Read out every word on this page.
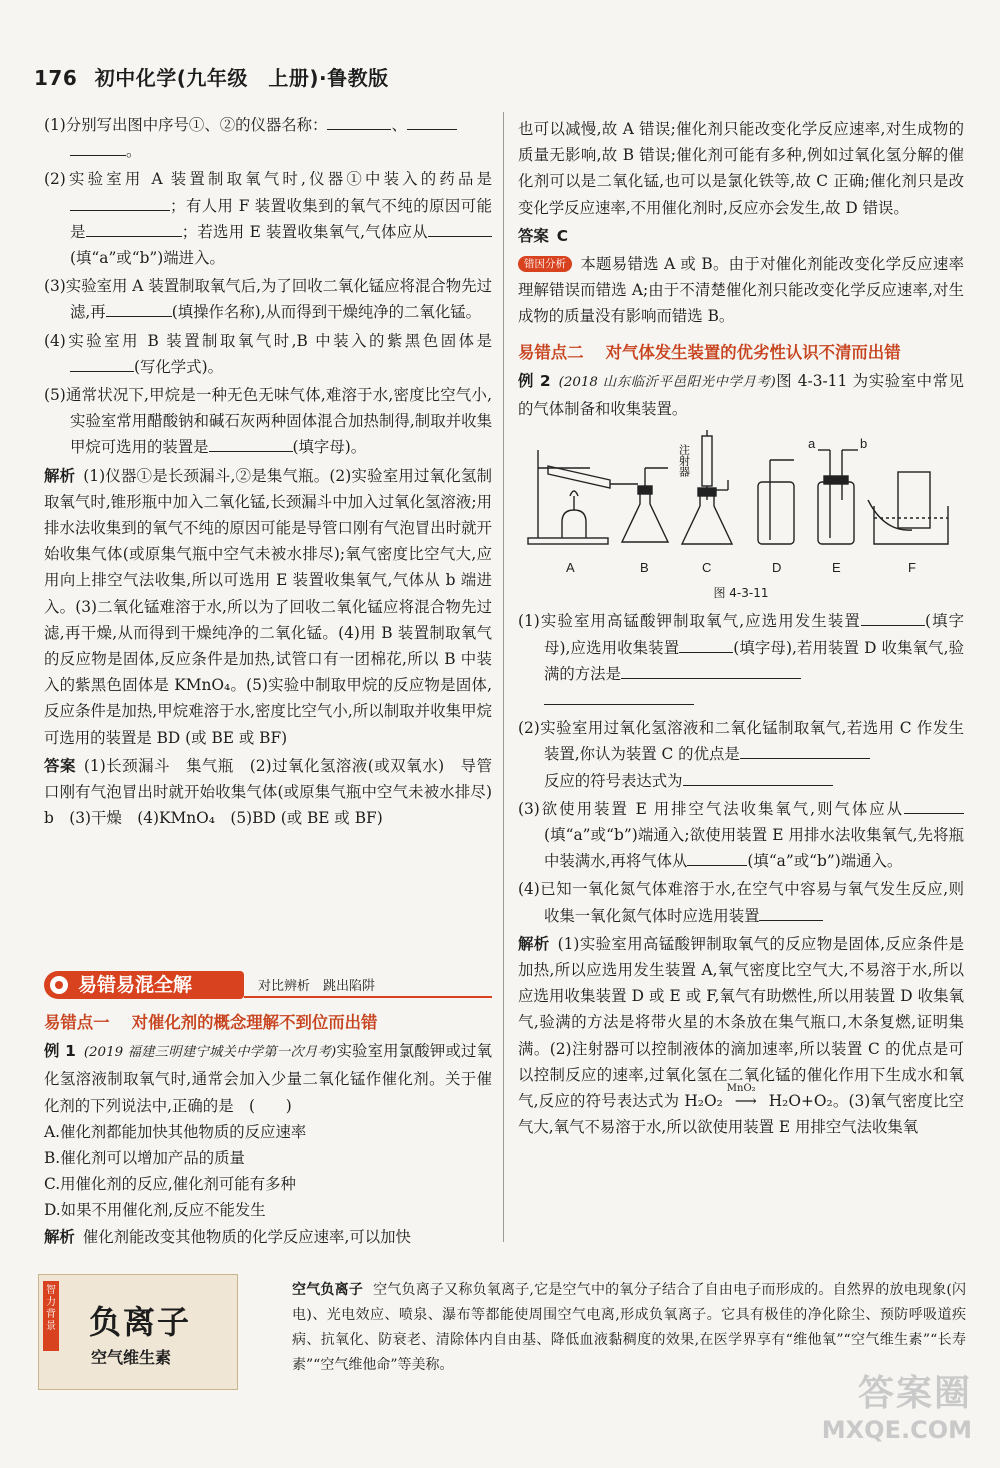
176 初中化学(九年级　上册)·鲁教版

(1)分别写出图中序号①、②的仪器名称：	、
。

(2)实验室用 A 装置制取氧气时,仪器①中装入的药品是；有人用 F 装置收集到的氧气不纯的原因可能是	；若选用 E 装置收集氧气,气体应从(填“a”或“b”)端进入。

(3)实验室用 A 装置制取氧气后,为了回收二氧化锰应将混合物先过滤,再	(填操作名称),从而得到干燥纯净的二氧化锰。

(4)实验室用 B 装置制取氧气时,B 中装入的紫黑色固体是(写化学式)。

(5)通常状况下,甲烷是一种无色无味气体,难溶于水,密度比空气小,实验室常用醋酸钠和碱石灰两种固体混合加热制得,制取并收集甲烷可选用的装置是	(填字母)。

解析 (1)仪器①是长颈漏斗,②是集气瓶。(2)实验室用过氧化氢制取氧气时,锥形瓶中加入二氧化锰,长颈漏斗中加入过氧化氢溶液;用排水法收集到的氧气不纯的原因可能是导管口刚有气泡冒出时就开始收集气体(或原集气瓶中空气未被水排尽);氧气密度比空气大,应用向上排空气法收集,所以可选用 E 装置收集氧气,气体从 b 端进入。(3)二氧化锰难溶于水,所以为了回收二氧化锰应将混合物先过滤,再干燥,从而得到干燥纯净的二氧化锰。(4)用 B 装置制取氧气的反应物是固体,反应条件是加热,试管口有一团棉花,所以 B 中装入的紫黑色固体是 KMnO₄。(5)实验中制取甲烷的反应物是固体,反应条件是加热,甲烷难溶于水,密度比空气小,所以制取并收集甲烷可选用的装置是 BD (或 BE 或 BF)

答案 (1)长颈漏斗　集气瓶　(2)过氧化氢溶液(或双氧水)　导管口刚有气泡冒出时就开始收集气体(或原集气瓶中空气未被水排尽)　b　(3)干燥　(4)KMnO₄　(5)BD (或 BE 或 BF)

易错易混全解	对比辨析　跳出陷阱

易错点一 对催化剂的概念理解不到位而出错

例 1 (2019 福建三明建宁城关中学第一次月考)实验室用氯酸钾或过氧化氢溶液制取氧气时,通常会加入少量二氧化锰作催化剂。关于催化剂的下列说法中,正确的是　(　　)

A.催化剂都能加快其他物质的反应速率

B.催化剂可以增加产品的质量

C.用催化剂的反应,催化剂可能有多种

D.如果不用催化剂,反应不能发生

解析 催化剂能改变其他物质的化学反应速率,可以加快

也可以减慢,故 A 错误;催化剂只能改变化学反应速率,对生成物的质量无影响,故 B 错误;催化剂可能有多种,例如过氧化氢分解的催化剂可以是二氧化锰,也可以是氯化铁等,故 C 正确;催化剂只是改变化学反应速率,不用催化剂时,反应亦会发生,故 D 错误。

答案 C

错因分析 本题易错选 A 或 B。由于对催化剂能改变化学反应速率理解错误而错选 A;由于不清楚催化剂只能改变化学反应速率,对生成物的质量没有影响而错选 B。

易错点二 对气体发生装置的优劣性认识不清而出错

例 2 (2018 山东临沂平邑阳光中学月考)图 4-3-11 为实验室中常见的气体制备和收集装置。

A	B	C	D	E	F
a	b
注射器

图 4-3-11

(1)实验室用高锰酸钾制取氧气,应选用发生装置	(填字母),应选用收集装置	(填字母),若用装置 D 收集氧气,验满的方法是

(2)实验室用过氧化氢溶液和二氧化锰制取氧气,若选用 C 作发生装置,你认为装置 C 的优点是
反应的符号表达式为

(3)欲使用装置 E 用排空气法收集氧气,则气体应从(填“a”或“b”)端通入;欲使用装置 E 用排水法收集氧气,先将瓶中装满水,再将气体从	(填“a”或“b”)端通入。

(4)已知一氧化氮气体难溶于水,在空气中容易与氧气发生反应,则收集一氧化氮气体时应选用装置

解析 (1)实验室用高锰酸钾制取氧气的反应物是固体,反应条件是加热,所以应选用发生装置 A,氧气密度比空气大,不易溶于水,所以应选用收集装置 D 或 E 或 F,氧气有助燃性,所以用装置 D 收集氧气,验满的方法是将带火星的木条放在集气瓶口,木条复燃,证明集满。(2)注射器可以控制液体的滴加速率,所以装置 C 的优点是可以控制反应的速率,过氧化氢在二氧化锰的催化作用下生成水和氧气,反应的符号表达式为 H₂O₂
MnO₂
⟶ H₂O+O₂。(3)氧气密度比空气大,氧气不易溶于水,所以欲使用装置 E 用排空气法收集氧

智力背景 负离子
空气维生素

空气负离子 空气负离子又称负氧离子,它是空气中的氧分子结合了自由电子而形成的。自然界的放电现象(闪电)、光电效应、喷泉、瀑布等都能使周围空气电离,形成负氧离子。它具有极佳的净化除尘、预防呼吸道疾病、抗氧化、防衰老、清除体内自由基、降低血液黏稠度的效果,在医学界享有“维他氧”“空气维生素”“长寿素”“空气维他命”等美称。

答案圈
MXQE.COM
